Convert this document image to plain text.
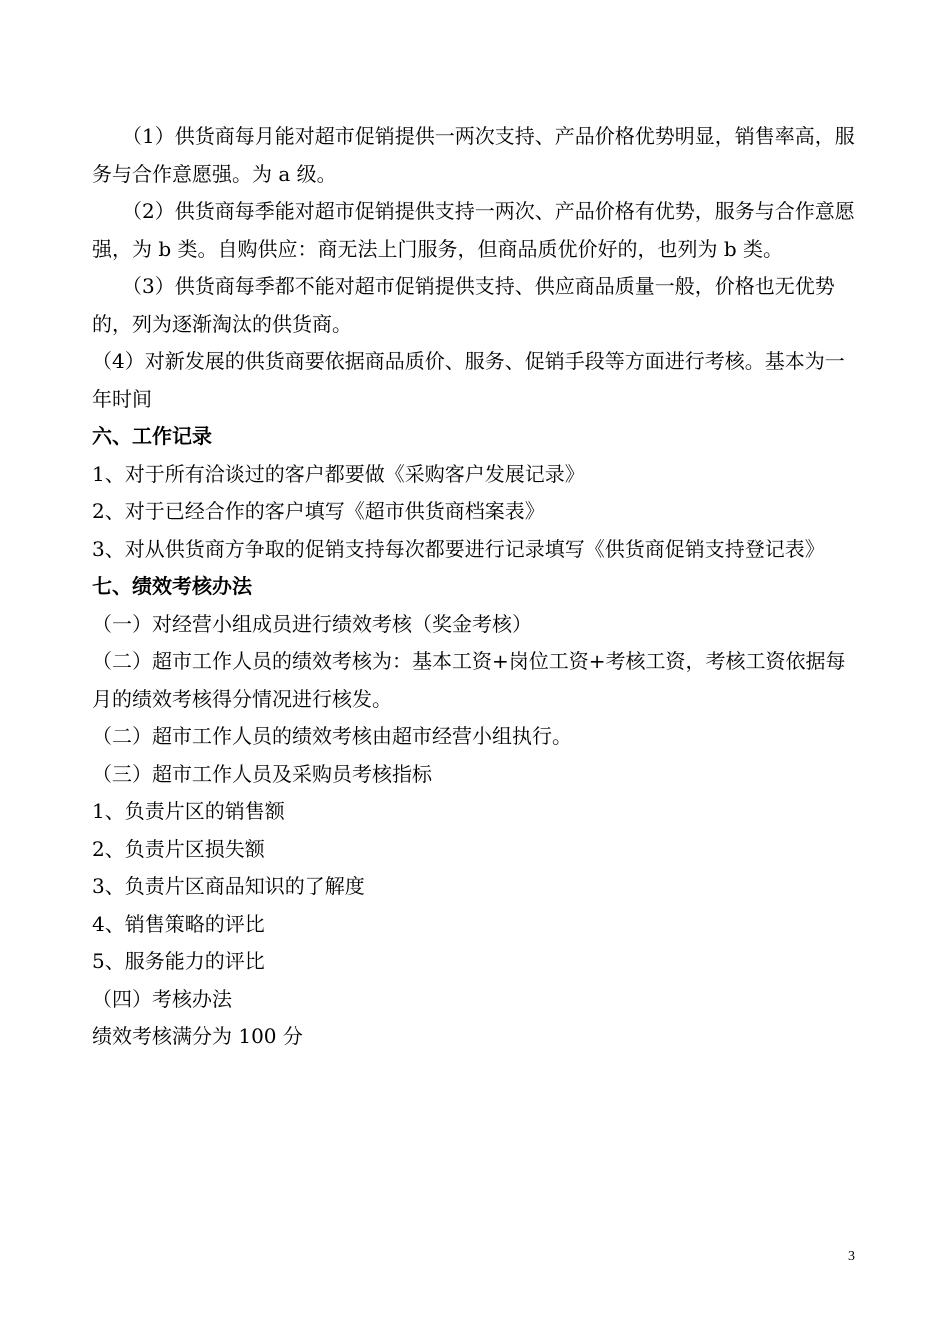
（1）供货商每月能对超市促销提供一两次支持、产品价格优势明显，销售率高，服务与合作意愿强。为 a 级。

（2）供货商每季能对超市促销提供支持一两次、产品价格有优势，服务与合作意愿强，为 b 类。自购供应：商无法上门服务，但商品质优价好的，也列为 b 类。

（3）供货商每季都不能对超市促销提供支持、供应商品质量一般，价格也无优势的，列为逐渐淘汰的供货商。

（4）对新发展的供货商要依据商品质价、服务、促销手段等方面进行考核。基本为一年时间

六、工作记录

1、对于所有洽谈过的客户都要做《采购客户发展记录》

2、对于已经合作的客户填写《超市供货商档案表》

3、对从供货商方争取的促销支持每次都要进行记录填写《供货商促销支持登记表》

七、绩效考核办法

（一）对经营小组成员进行绩效考核（奖金考核）

（二）超市工作人员的绩效考核为：基本工资+岗位工资+考核工资，考核工资依据每月的绩效考核得分情况进行核发。

（二）超市工作人员的绩效考核由超市经营小组执行。

（三）超市工作人员及采购员考核指标

1、负责片区的销售额

2、负责片区损失额

3、负责片区商品知识的了解度

4、销售策略的评比

5、服务能力的评比

（四）考核办法

绩效考核满分为 100 分

3
